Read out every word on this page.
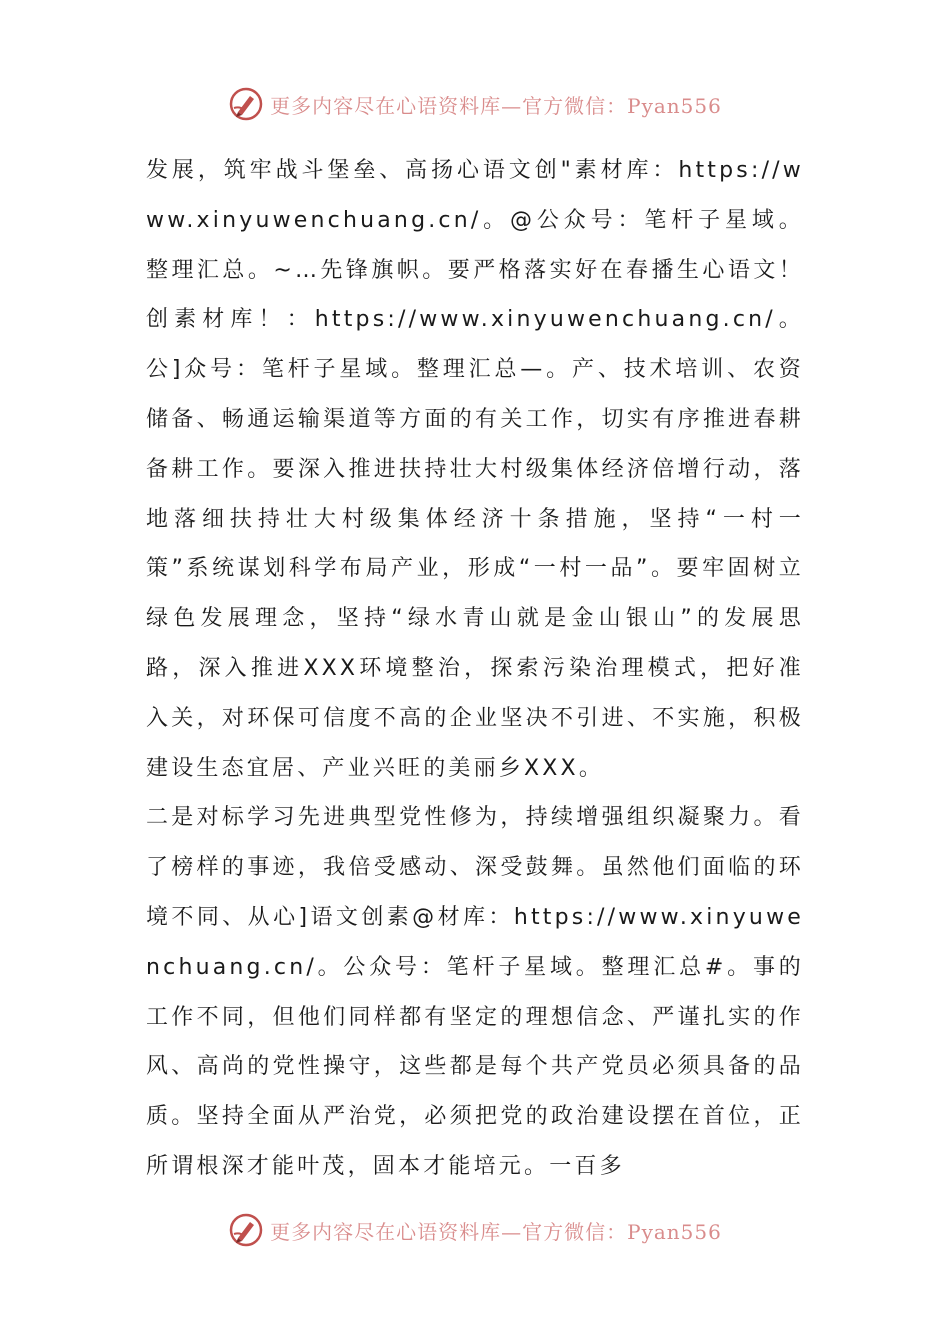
更多内容尽在心语资料库—官方微信：Pyan556

发展，筑牢战斗堡垒、高扬心语文创"素材库：https://www.xinyuwenchuang.cn/。@公众号：笔杆子星域。整理汇总。~…先锋旗帜。要严格落实好在春播生心语文！创素材库！：https://www.xinyuwenchuang.cn/。公]众号：笔杆子星域。整理汇总—。产、技术培训、农资储备、畅通运输渠道等方面的有关工作，切实有序推进春耕备耕工作。要深入推进扶持壮大村级集体经济倍增行动，落地落细扶持壮大村级集体经济十条措施，坚持“一村一策”系统谋划科学布局产业，形成“一村一品”。要牢固树立绿色发展理念，坚持“绿水青山就是金山银山”的发展思路，深入推进XXX环境整治，探索污染治理模式，把好准入关，对环保可信度不高的企业坚决不引进、不实施，积极建设生态宜居、产业兴旺的美丽乡XXX。

二是对标学习先进典型党性修为，持续增强组织凝聚力。看了榜样的事迹，我倍受感动、深受鼓舞。虽然他们面临的环境不同、从心]语文创素@材库：https://www.xinyuwenchuang.cn/。公众号：笔杆子星域。整理汇总#。事的工作不同，但他们同样都有坚定的理想信念、严谨扎实的作风、高尚的党性操守，这些都是每个共产党员必须具备的品质。坚持全面从严治党，必须把党的政治建设摆在首位，正所谓根深才能叶茂，固本才能培元。一百多

更多内容尽在心语资料库—官方微信：Pyan556
